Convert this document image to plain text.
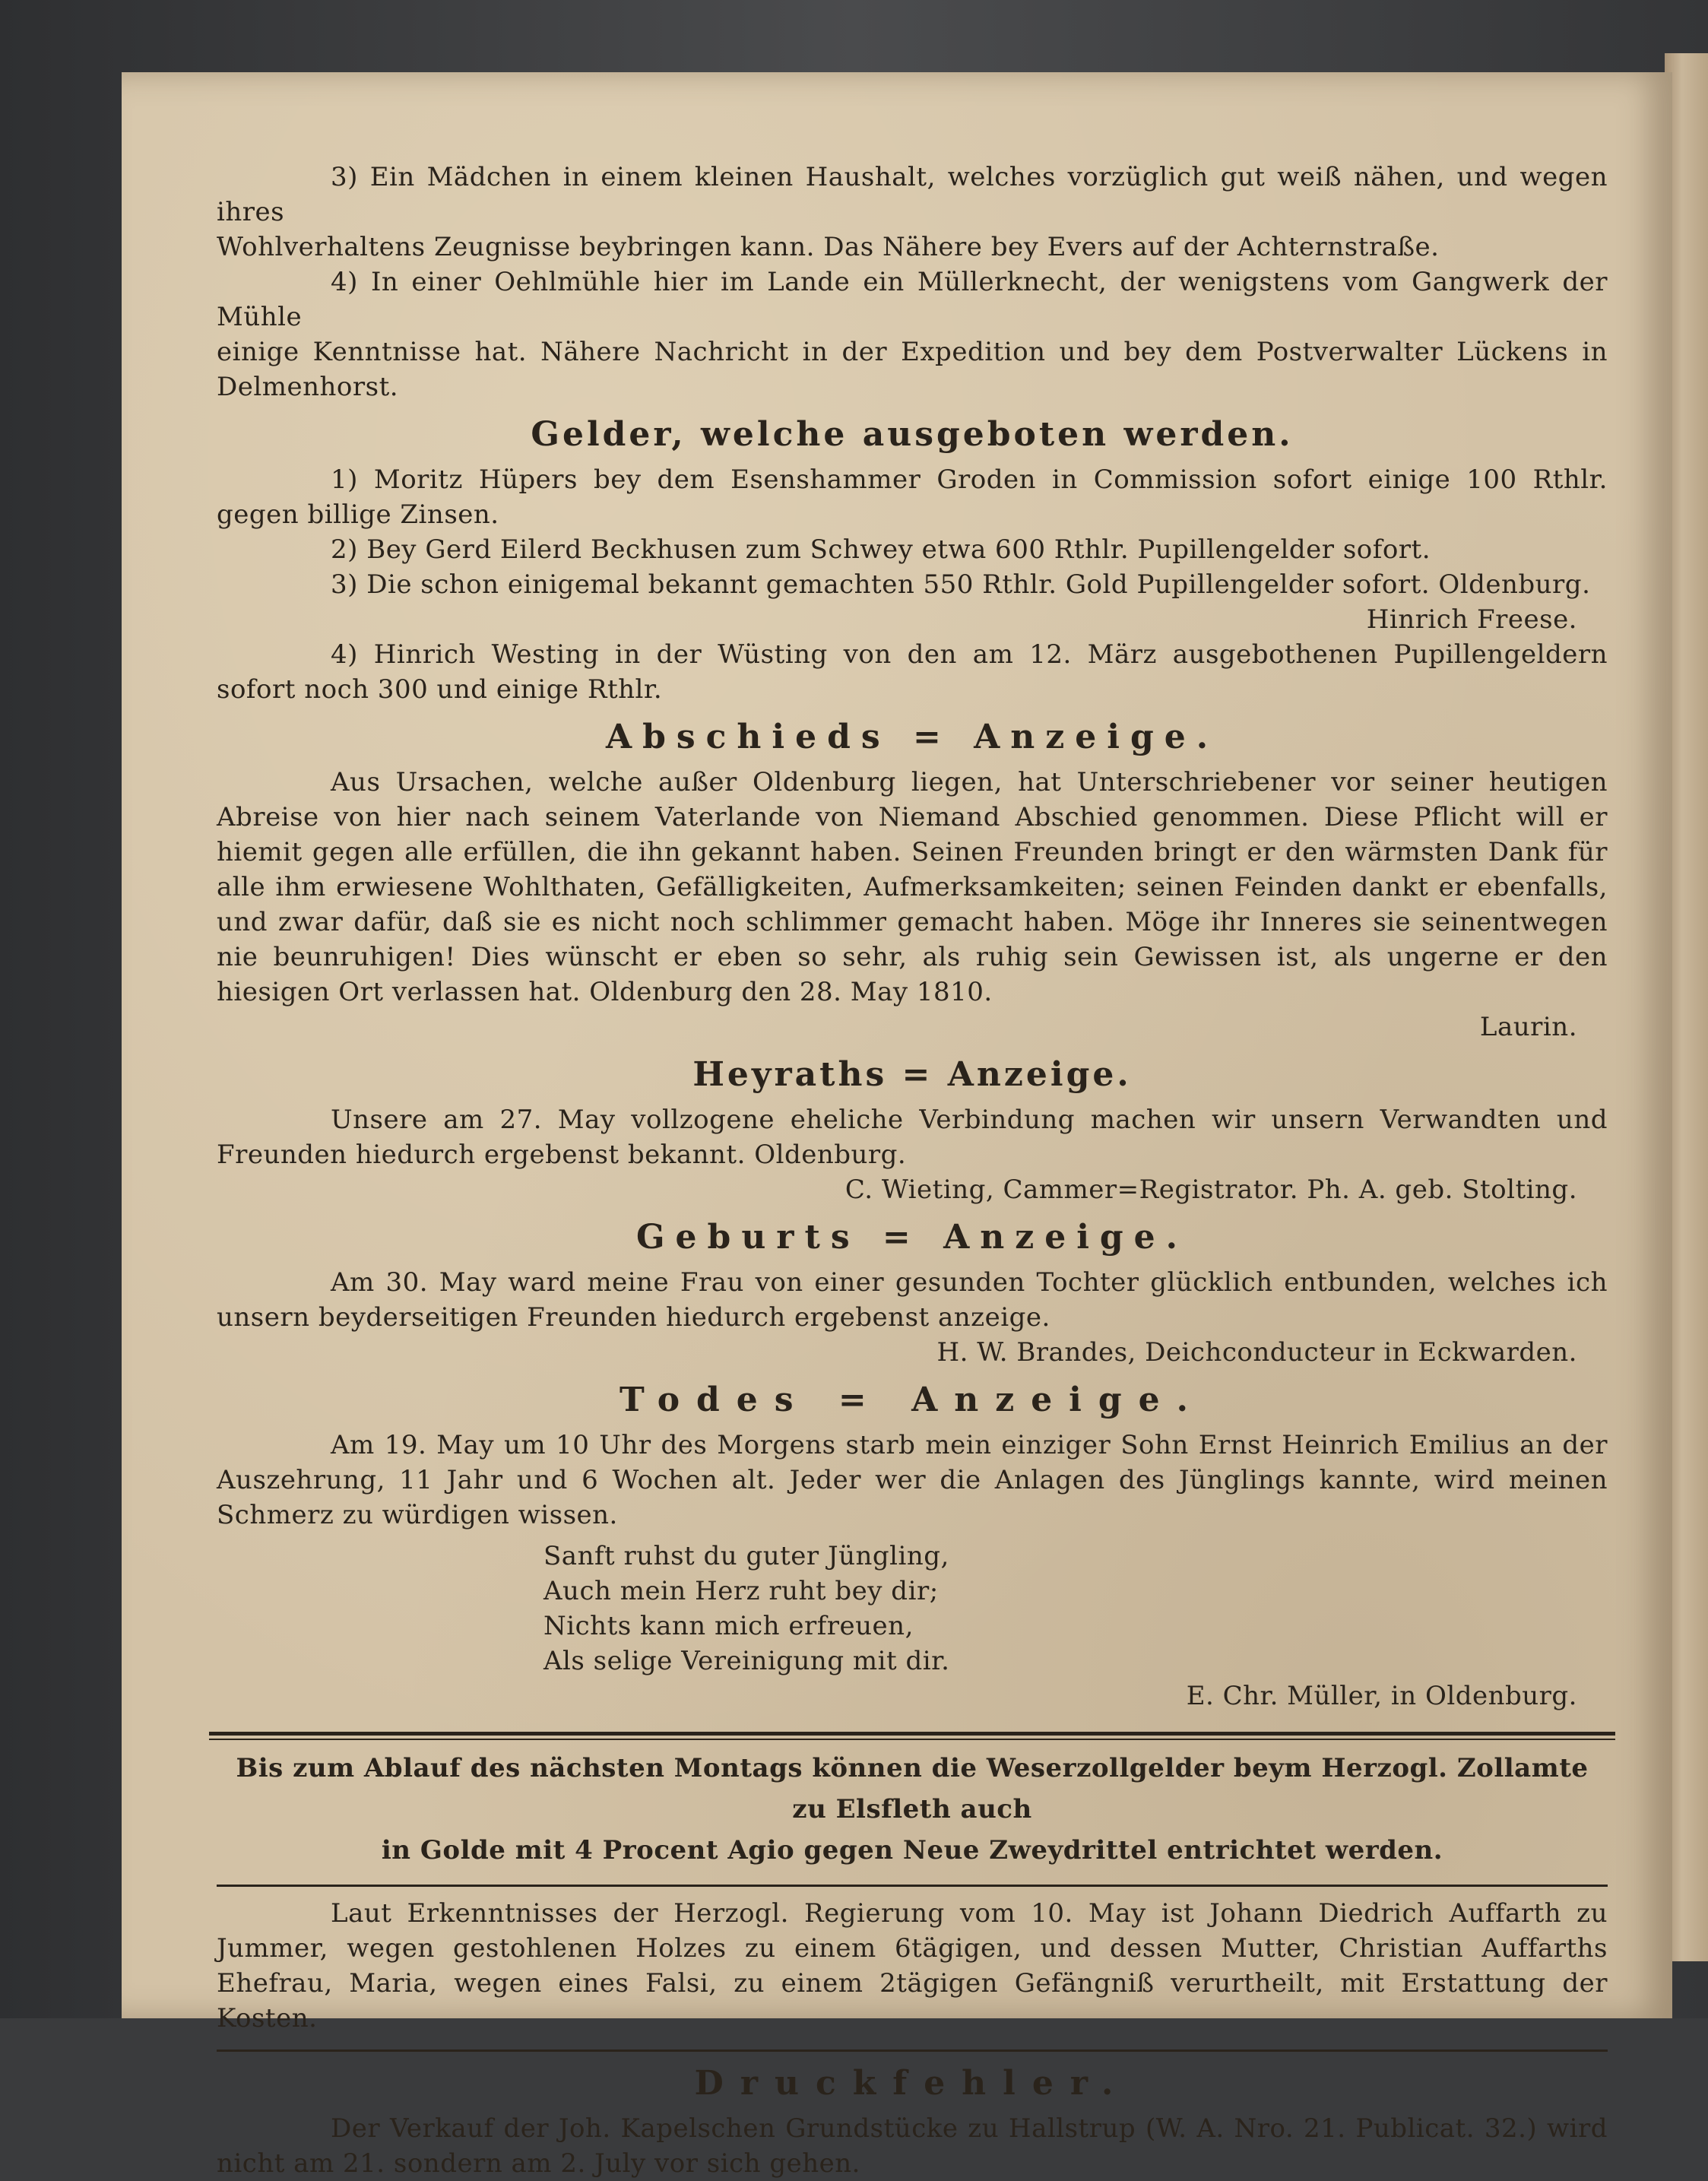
3) Ein Mädchen in einem kleinen Haushalt, welches vorzüglich gut weiß nähen, und wegen ihres

Wohlverhaltens Zeugnisse beybringen kann. Das Nähere bey Evers auf der Achternstraße.

4) In einer Oehlmühle hier im Lande ein Müllerknecht, der wenigstens vom Gangwerk der Mühle

einige Kenntnisse hat. Nähere Nachricht in der Expedition und bey dem Postverwalter Lückens in Delmenhorst.

Gelder, welche ausgeboten werden.

1) Moritz Hüpers bey dem Esenshammer Groden in Commission sofort einige 100 Rthlr. gegen billige Zinsen.

2) Bey Gerd Eilerd Beckhusen zum Schwey etwa 600 Rthlr. Pupillengelder sofort.

3) Die schon einigemal bekannt gemachten 550 Rthlr. Gold Pupillengelder sofort. Oldenburg.

Hinrich Freese.

4) Hinrich Westing in der Wüsting von den am 12. März ausgebothenen Pupillengeldern sofort noch 300 und einige Rthlr.

Abschieds = Anzeige.

Aus Ursachen, welche außer Oldenburg liegen, hat Unterschriebener vor seiner heutigen Abreise von hier nach seinem Vaterlande von Niemand Abschied genommen. Diese Pflicht will er hiemit gegen alle erfüllen, die ihn gekannt haben. Seinen Freunden bringt er den wärmsten Dank für alle ihm erwiesene Wohlthaten, Gefälligkeiten, Aufmerksamkeiten; seinen Feinden dankt er ebenfalls, und zwar dafür, daß sie es nicht noch schlimmer gemacht haben. Möge ihr Inneres sie seinentwegen nie beunruhigen! Dies wünscht er eben so sehr, als ruhig sein Gewissen ist, als ungerne er den hiesigen Ort verlassen hat. Oldenburg den 28. May 1810.

Laurin.

Heyraths = Anzeige.

Unsere am 27. May vollzogene eheliche Verbindung machen wir unsern Verwandten und Freunden hiedurch ergebenst bekannt. Oldenburg.

C. Wieting, Cammer=Registrator. Ph. A. geb. Stolting.

Geburts = Anzeige.

Am 30. May ward meine Frau von einer gesunden Tochter glücklich entbunden, welches ich unsern beyderseitigen Freunden hiedurch ergebenst anzeige.

H. W. Brandes, Deichconducteur in Eckwarden.

Todes = Anzeige.

Am 19. May um 10 Uhr des Morgens starb mein einziger Sohn Ernst Heinrich Emilius an der Auszehrung, 11 Jahr und 6 Wochen alt. Jeder wer die Anlagen des Jünglings kannte, wird meinen Schmerz zu würdigen wissen.

Sanft ruhst du guter Jüngling,
Auch mein Herz ruht bey dir;
Nichts kann mich erfreuen,
Als selige Vereinigung mit dir.

E. Chr. Müller, in Oldenburg.

Bis zum Ablauf des nächsten Montags können die Weserzollgelder beym Herzogl. Zollamte zu Elsfleth auch
in Golde mit 4 Procent Agio gegen Neue Zweydrittel entrichtet werden.

Laut Erkenntnisses der Herzogl. Regierung vom 10. May ist Johann Diedrich Auffarth zu Jummer, wegen gestohlenen Holzes zu einem 6tägigen, und dessen Mutter, Christian Auffarths Ehefrau, Maria, wegen eines Falsi, zu einem 2tägigen Gefängniß verurtheilt, mit Erstattung der Kosten.

Druckfehler.

Der Verkauf der Joh. Kapelschen Grundstücke zu Hallstrup (W. A. Nro. 21. Publicat. 32.) wird nicht am 21. sondern am 2. July vor sich gehen.
